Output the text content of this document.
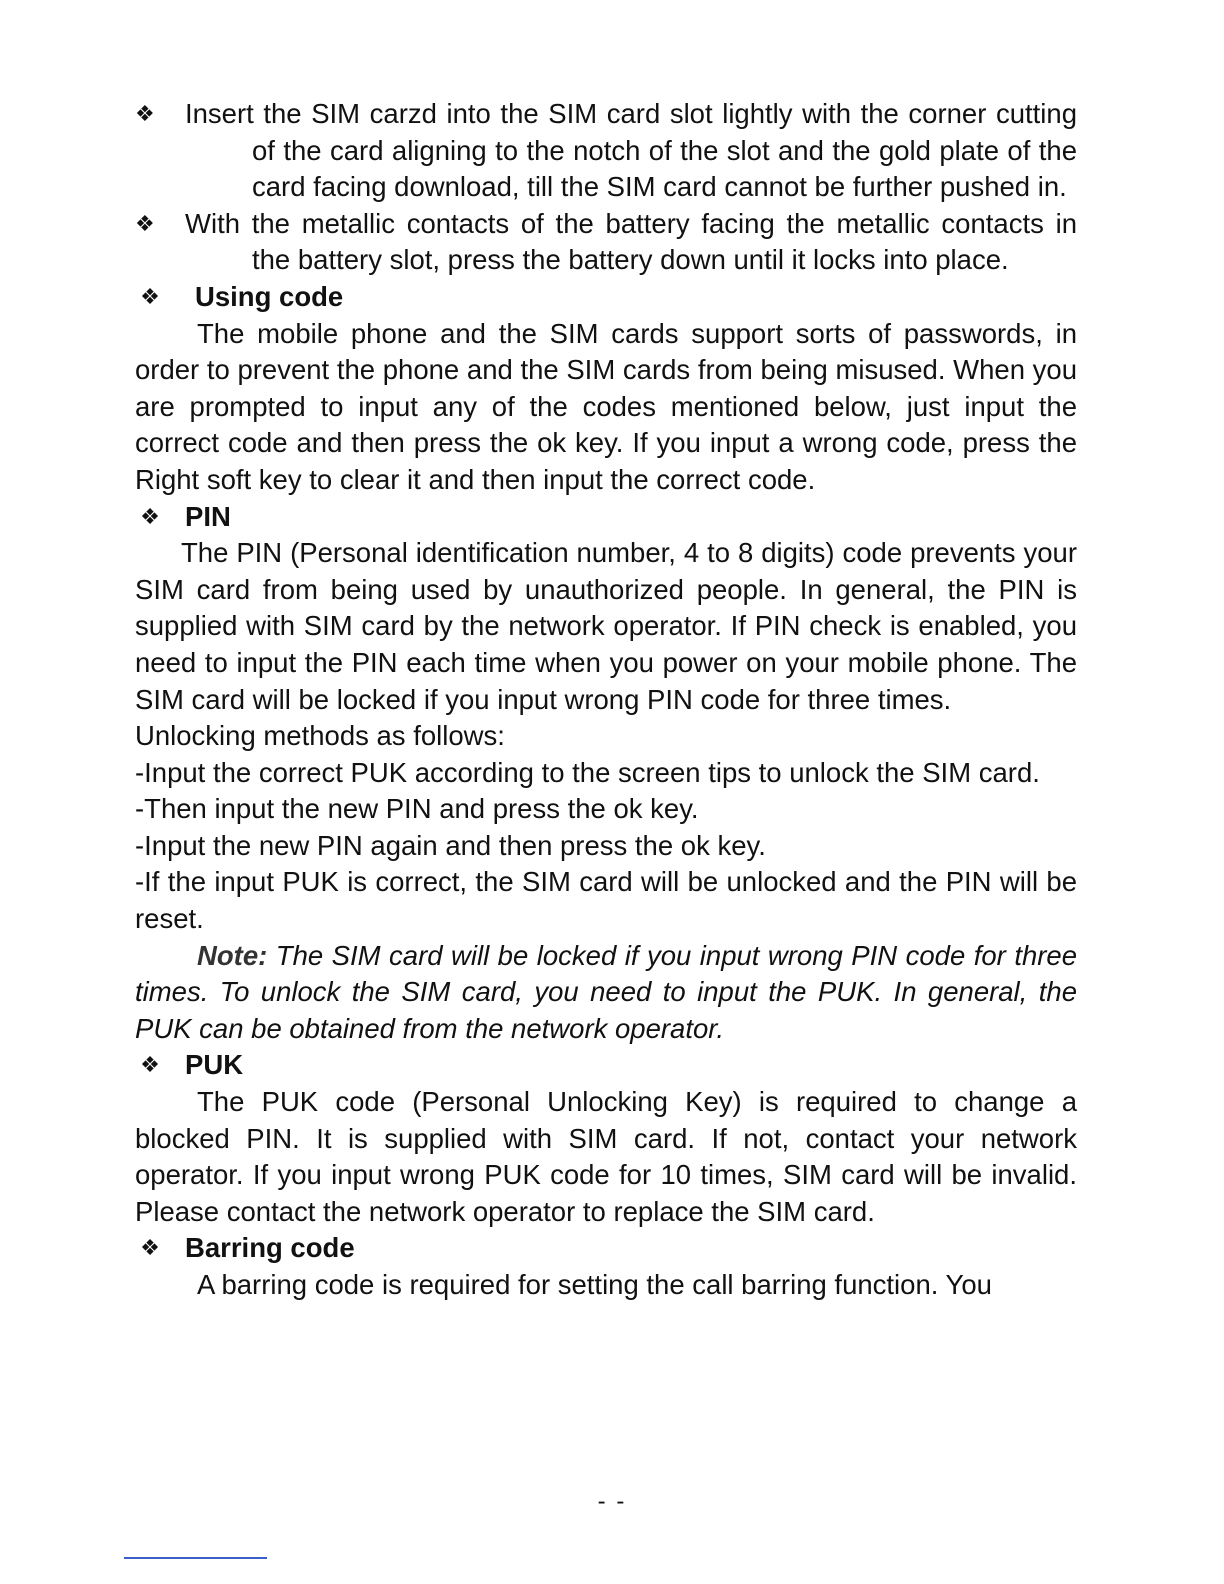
❖	Insert the SIM carzd into the SIM card slot lightly with the corner cutting of the card aligning to the notch of the slot and the gold plate of the card facing download, till the SIM card cannot be further pushed in.

❖	With the metallic contacts of the battery facing the metallic contacts in the battery slot, press the battery down until it locks into place.

❖ Using code

The mobile phone and the SIM cards support sorts of passwords, in order to prevent the phone and the SIM cards from being misused. When you are prompted to input any of the codes mentioned below, just input the correct code and then press the ok key. If you input a wrong code, press the Right soft key to clear it and then input the correct code.

❖ PIN

The PIN (Personal identification number, 4 to 8 digits) code prevents your SIM card from being used by unauthorized people. In general, the PIN is supplied with SIM card by the network operator. If PIN check is enabled, you need to input the PIN each time when you power on your mobile phone. The SIM card will be locked if you input wrong PIN code for three times.

Unlocking methods as follows:

-Input the correct PUK according to the screen tips to unlock the SIM card.

-Then input the new PIN and press the ok key.

-Input the new PIN again and then press the ok key.

-If the input PUK is correct, the SIM card will be unlocked and the PIN will be reset.

Note: The SIM card will be locked if you input wrong PIN code for three times. To unlock the SIM card, you need to input the PUK. In general, the PUK can be obtained from the network operator.

❖ PUK

The PUK code (Personal Unlocking Key) is required to change a blocked PIN. It is supplied with SIM card. If not, contact your network operator. If you input wrong PUK code for 10 times, SIM card will be invalid. Please contact the network operator to replace the SIM card.

❖ Barring code

A barring code is required for setting the call barring function. You

- -
